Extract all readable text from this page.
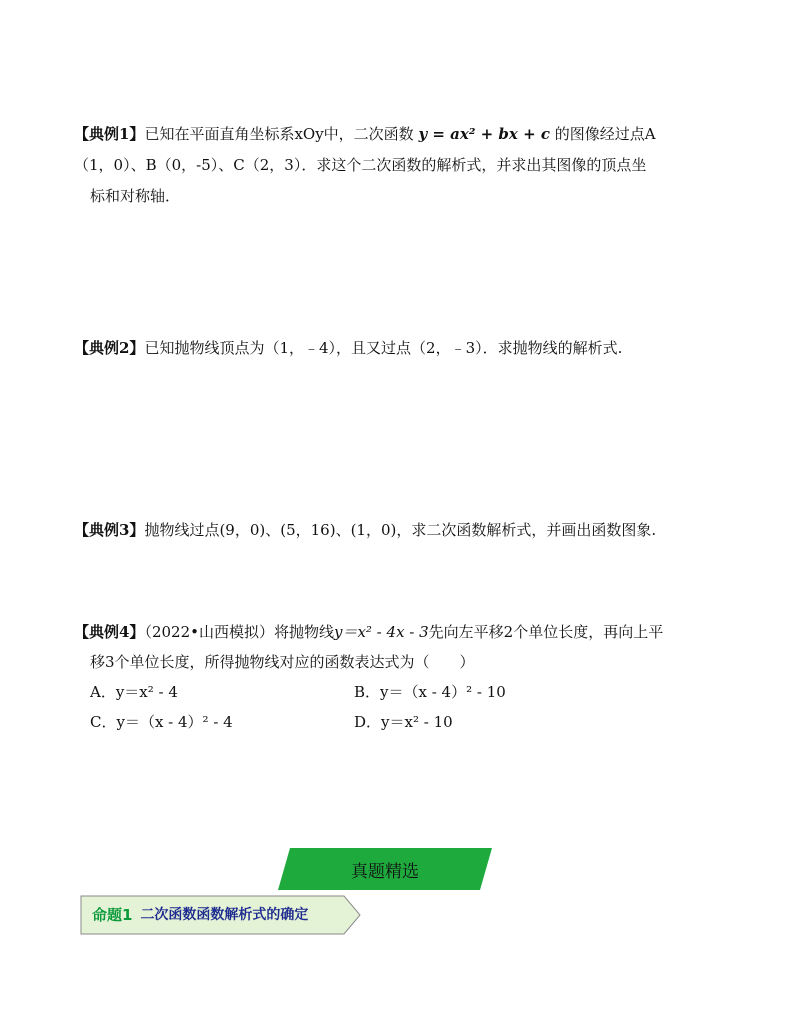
【典例1】已知在平面直角坐标系xOy中，二次函数 y = ax² + bx + c 的图像经过点A
（1，0）、B（0，-5）、C（2，3）．求这个二次函数的解析式，并求出其图像的顶点坐
标和对称轴．
【典例2】已知抛物线顶点为（1，﹣4），且又过点（2，﹣3）．求抛物线的解析式.
【典例3】抛物线过点(9，0)、(5，16)、(1，0)，求二次函数解析式，并画出函数图象.
【典例4】（2022•山西模拟）将抛物线y＝x² - 4x - 3先向左平移2个单位长度，再向上平
移3个单位长度，所得抛物线对应的函数表达式为（　　）
A．y＝x² - 4	B．y＝（x - 4）² - 10
C．y＝（x - 4）² - 4	D．y＝x² - 10
真题精选
命题1 二次函数函数解析式的确定
